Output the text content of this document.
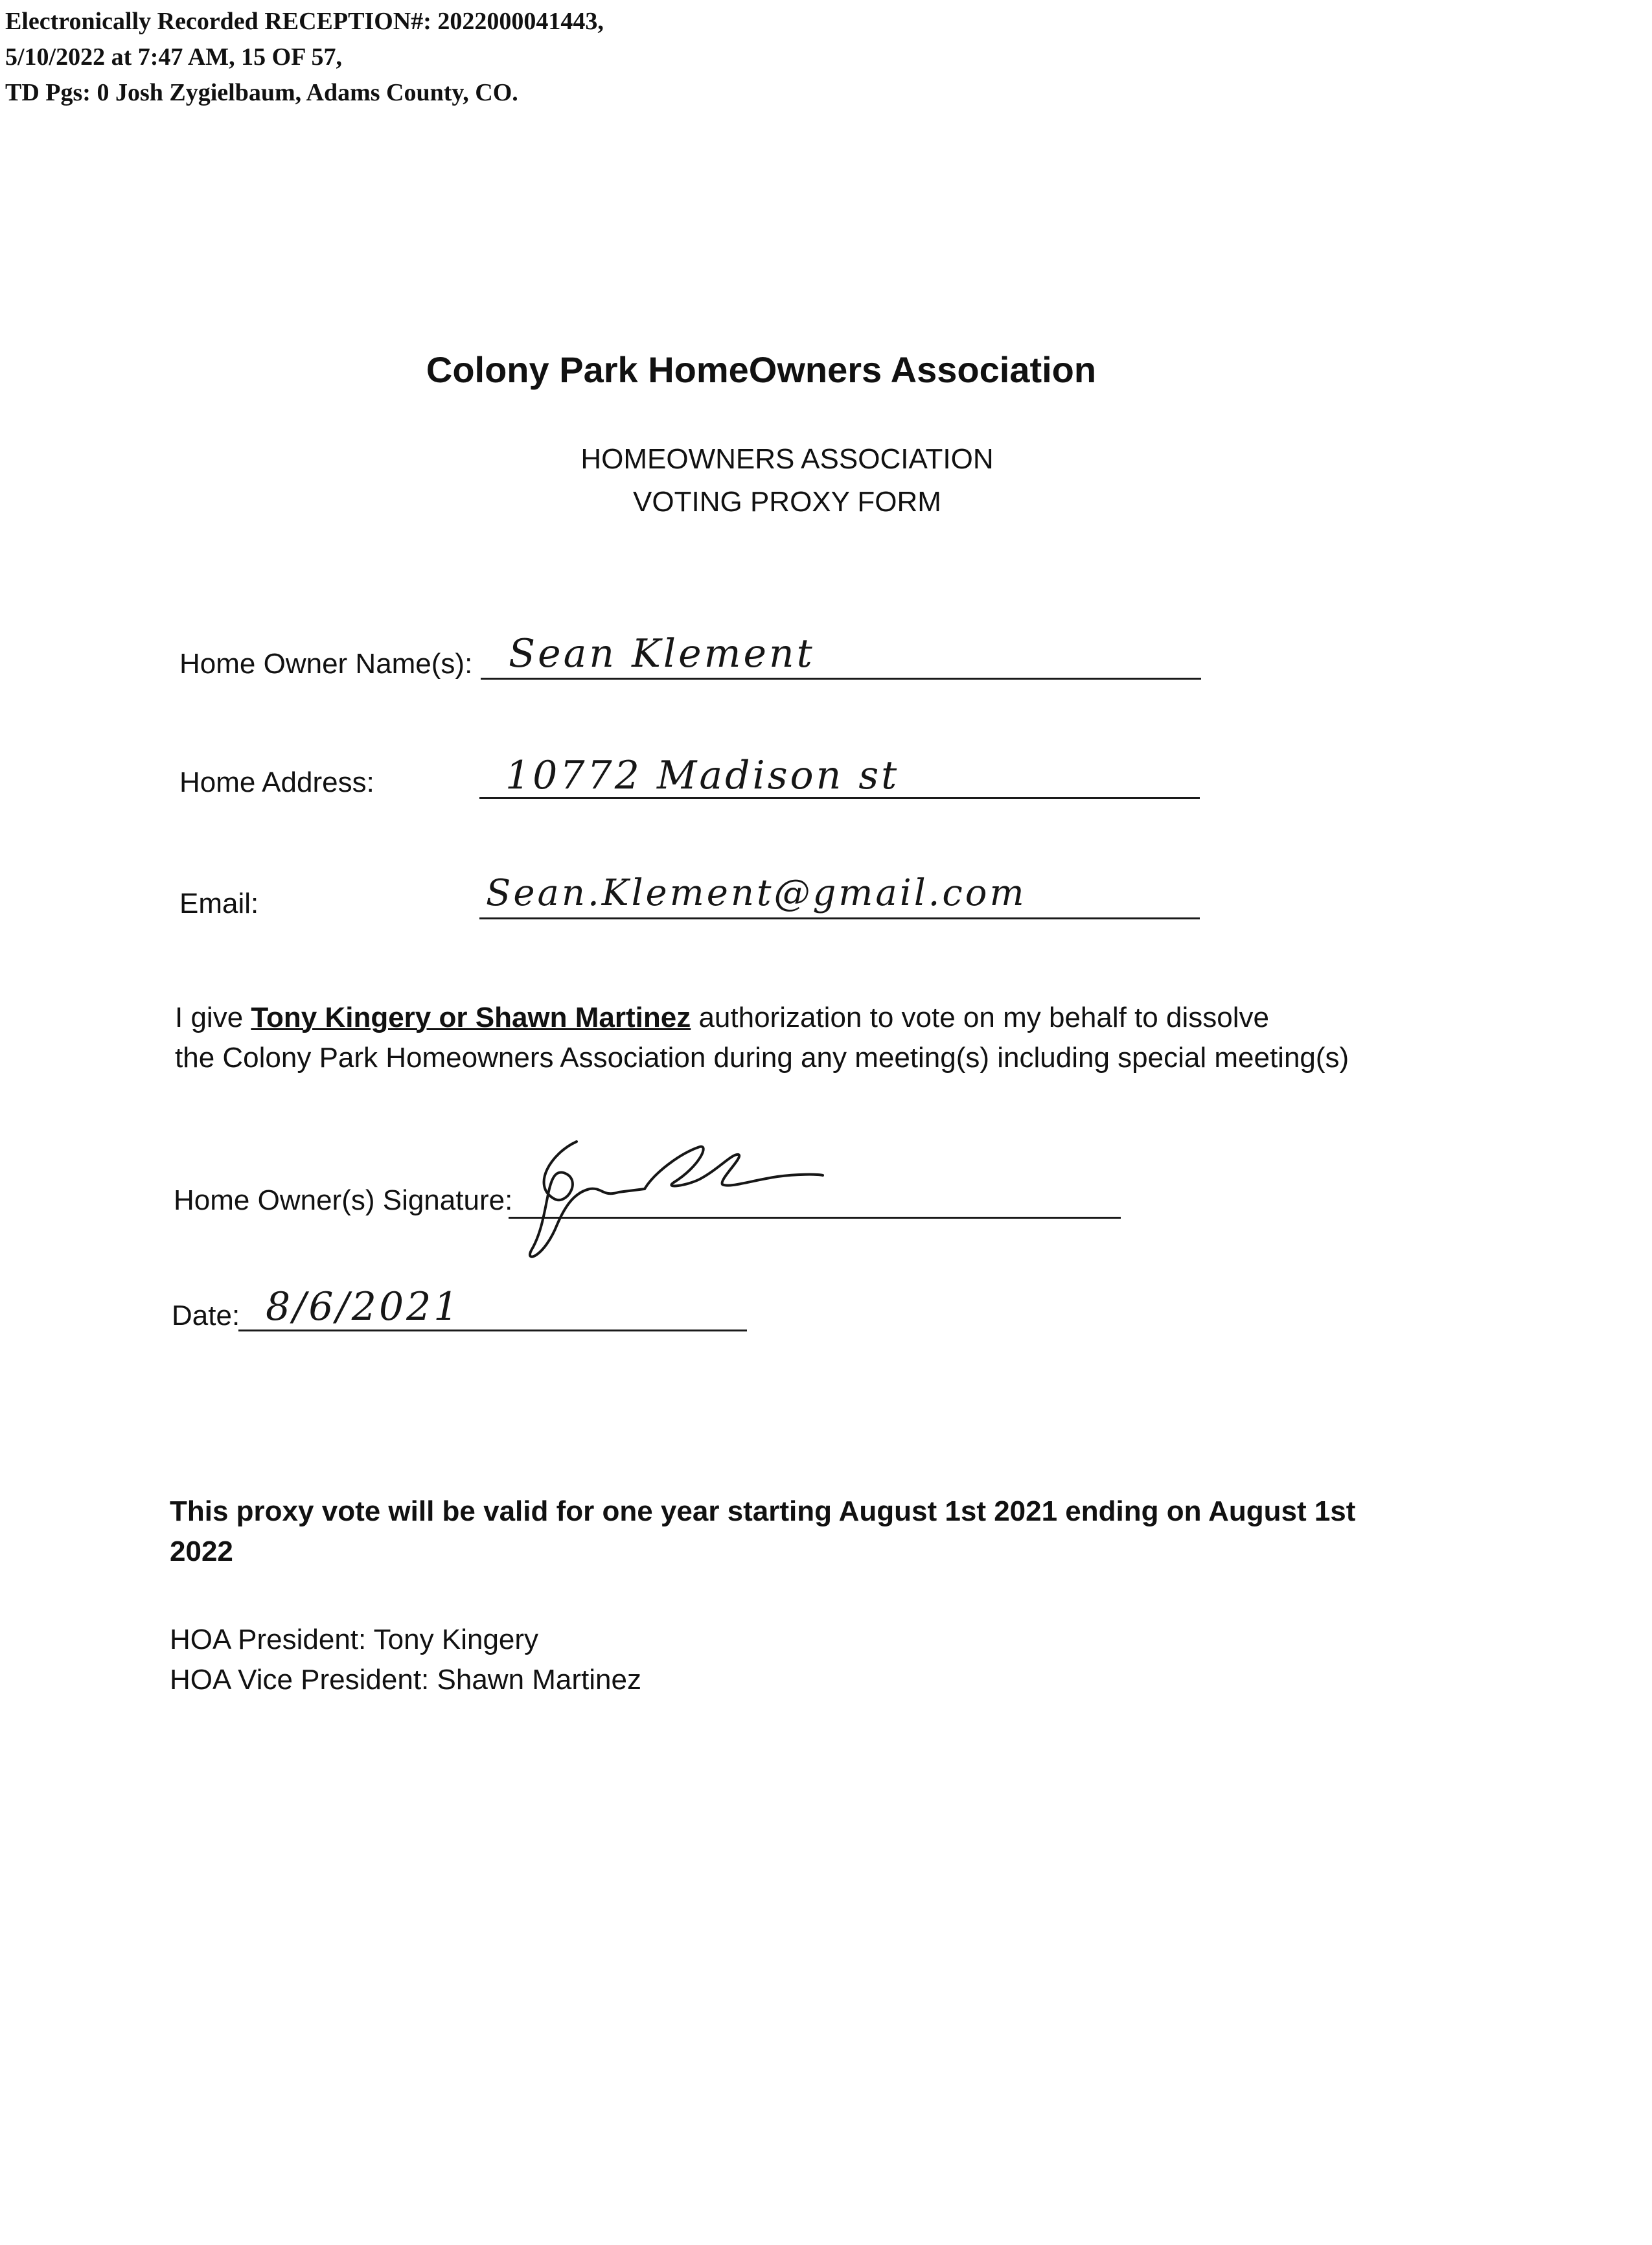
Electronically Recorded RECEPTION#: 2022000041443,
5/10/2022 at 7:47 AM, 15 OF 57,
TD Pgs: 0 Josh Zygielbaum, Adams County, CO.
Colony Park HomeOwners Association
HOMEOWNERS ASSOCIATION
VOTING PROXY FORM
Home Owner Name(s): Sean Klement
Home Address:	10772 Madison st
Email:	Sean.Klement@gmail.com
I give Tony Kingery or Shawn Martinez authorization to vote on my behalf to dissolve
the Colony Park Homeowners Association during any meeting(s) including special meeting(s)
Home Owner(s) Signature:
Date: 8/6/2021
This proxy vote will be valid for one year starting August 1st 2021 ending on August 1st 2022
HOA President: Tony Kingery
HOA Vice President: Shawn Martinez
